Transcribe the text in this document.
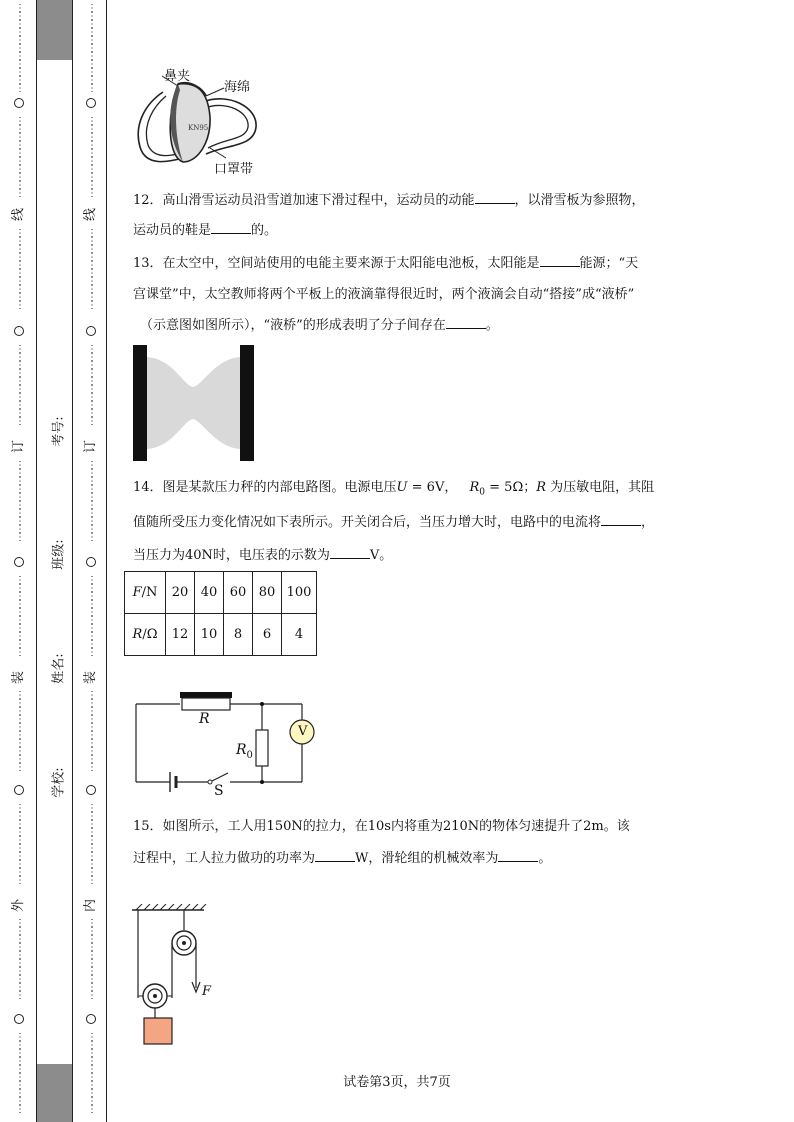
⋮
⋮
⋮
⋮
⋮
⋮
⋮
⋮
⋮
⋮
⋮
⋮
⋮
⋮
⋮
⋮
⋮
⋮
⋮
⋮
⋮
线
⋮
⋮
⋮
⋮
⋮
⋮
⋮
⋮
⋮
⋮
⋮
⋮
⋮
⋮
⋮
⋮
⋮
⋮
⋮
⋮
订
⋮
⋮
⋮
⋮
⋮
⋮
⋮
⋮
⋮
⋮
⋮
⋮
⋮
⋮
⋮
⋮
⋮
⋮
⋮
⋮
装
⋮
⋮
⋮
⋮
⋮
⋮
⋮
⋮
⋮
⋮
⋮
⋮
⋮
⋮
⋮
⋮
⋮
⋮
⋮
⋮
外
⋮
⋮
⋮
⋮
⋮
⋮
⋮
⋮
⋮
⋮
⋮
⋮
⋮
⋮
⋮
⋮
⋮
⋮
⋮
⋮
考号:
班级:
姓名:
学校:
⋮
⋮
⋮
⋮
⋮
⋮
⋮
⋮
⋮
⋮
⋮
⋮
⋮
⋮
⋮
⋮
⋮
⋮
⋮
⋮
⋮
线
⋮
⋮
⋮
⋮
⋮
⋮
⋮
⋮
⋮
⋮
⋮
⋮
⋮
⋮
⋮
⋮
⋮
⋮
⋮
⋮
订
⋮
⋮
⋮
⋮
⋮
⋮
⋮
⋮
⋮
⋮
⋮
⋮
⋮
⋮
⋮
⋮
⋮
⋮
⋮
⋮
装
⋮
⋮
⋮
⋮
⋮
⋮
⋮
⋮
⋮
⋮
⋮
⋮
⋮
⋮
⋮
⋮
⋮
⋮
⋮
⋮
内
⋮
⋮
⋮
⋮
⋮
⋮
⋮
⋮
⋮
⋮
⋮
⋮
⋮
⋮
⋮
⋮
⋮
⋮
⋮
⋮
鼻夹
海绵
口罩带
KN95
12．高山滑雪运动员沿雪道加速下滑过程中，运动员的动能	，以滑雪板为参照物，
运动员的鞋是	的。
13．在太空中，空间站使用的电能主要来源于太阳能电池板，太阳能是	能源；“天
宫课堂”中，太空教师将两个平板上的液滴靠得很近时，两个液滴会自动“搭接”成“液桥”
（示意图如图所示），“液桥”的形成表明了分子间存在	。
14．图是某款压力秤的内部电路图。电源电压U = 6V， $R_0 = 5\Omega$；R 为压敏电阻，其阻
值随所受压力变化情况如下表所示。开关闭合后，当压力增大时，电路中的电流将	，
当压力为40N时，电压表的示数为	V。
F/N	20	40	60	80	100
R/Ω	12	10	8	6	4
R
$R_0$
V
S
15．如图所示，工人用150N的拉力，在10s内将重为210N的物体匀速提升了2m。该
过程中，工人拉力做功的功率为	W，滑轮组的机械效率为	。
F
试卷第3页，共7页
